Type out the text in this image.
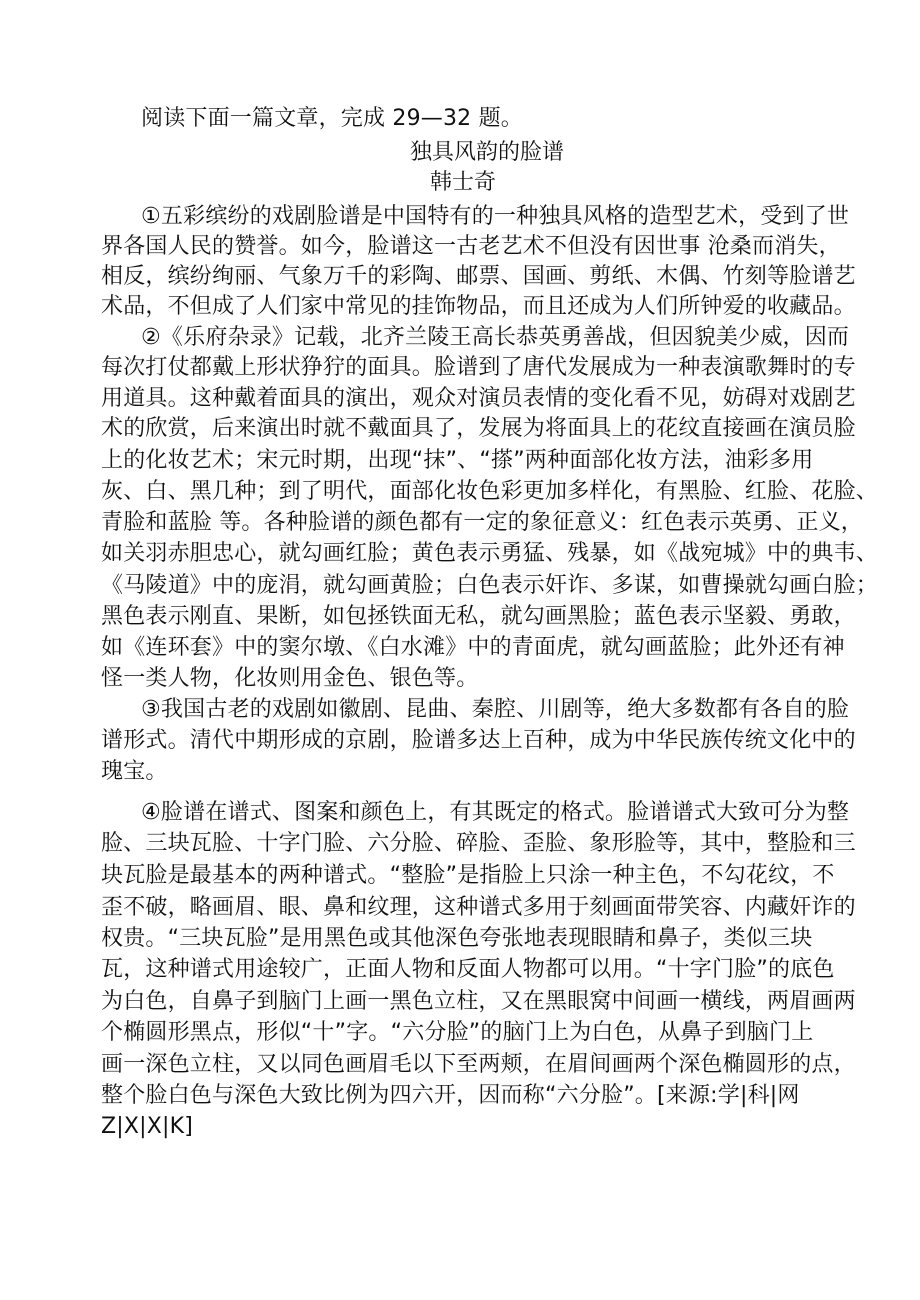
阅读下面一篇文章，完成 29—32 题。
独具风韵的脸谱
韩士奇
①五彩缤纷的戏剧脸谱是中国特有的一种独具风格的造型艺术，受到了世
界各国人民的赞誉。如今，脸谱这一古老艺术不但没有因世事 沧桑而消失，
相反，缤纷绚丽、气象万千的彩陶、邮票、国画、剪纸、木偶、竹刻等脸谱艺
术品，不但成了人们家中常见的挂饰物品，而且还成为人们所钟爱的收藏品。
②《乐府杂录》记载，北齐兰陵王高长恭英勇善战，但因貌美少威，因而
每次打仗都戴上形状狰狞的面具。脸谱到了唐代发展成为一种表演歌舞时的专
用道具。这种戴着面具的演出，观众对演员表情的变化看不见，妨碍对戏剧艺
术的欣赏，后来演出时就不戴面具了，发展为将面具上的花纹直接画在演员脸
上的化妆艺术；宋元时期，出现“抹”、“搽”两种面部化妆方法，油彩多用
灰、白、黑几种；到了明代，面部化妆色彩更加多样化，有黑脸、红脸、花脸、
青脸和蓝脸 等。各种脸谱的颜色都有一定的象征意义：红色表示英勇、正义，
如关羽赤胆忠心，就勾画红脸；黄色表示勇猛、残暴，如《战宛城》中的典韦、
《马陵道》中的庞涓，就勾画黄脸；白色表示奸诈、多谋，如曹操就勾画白脸；
黑色表示刚直、果断，如包拯铁面无私，就勾画黑脸；蓝色表示坚毅、勇敢，
如《连环套》中的窦尔墩、《白水滩》中的青面虎，就勾画蓝脸；此外还有神
怪一类人物，化妆则用金色、银色等。
③我国古老的戏剧如徽剧、昆曲、秦腔、川剧等，绝大多数都有各自的脸
谱形式。清代中期形成的京剧，脸谱多达上百种，成为中华民族传统文化中的
瑰宝。
④脸谱在谱式、图案和颜色上，有其既定的格式。脸谱谱式大致可分为整
脸、三块瓦脸、十字门脸、六分脸、碎脸、歪脸、象形脸等，其中，整脸和三
块瓦脸是最基本的两种谱式。“整脸”是指脸上只涂一种主色，不勾花纹，不
歪不破，略画眉、眼、鼻和纹理，这种谱式多用于刻画面带笑容、内藏奸诈的
权贵。“三块瓦脸”是用黑色或其他深色夸张地表现眼睛和鼻子，类似三块
瓦，这种谱式用途较广，正面人物和反面人物都可以用。“十字门脸”的底色
为白色，自鼻子到脑门上画一黑色立柱，又在黑眼窝中间画一横线，两眉画两
个椭圆形黑点，形似“十”字。“六分脸”的脑门上为白色，从鼻子到脑门上
画一深色立柱，又以同色画眉毛以下至两颊，在眉间画两个深色椭圆形的点，
整个脸白色与深色大致比例为四六开，因而称“六分脸”。[来源:学|科|网
Z|X|X|K]
